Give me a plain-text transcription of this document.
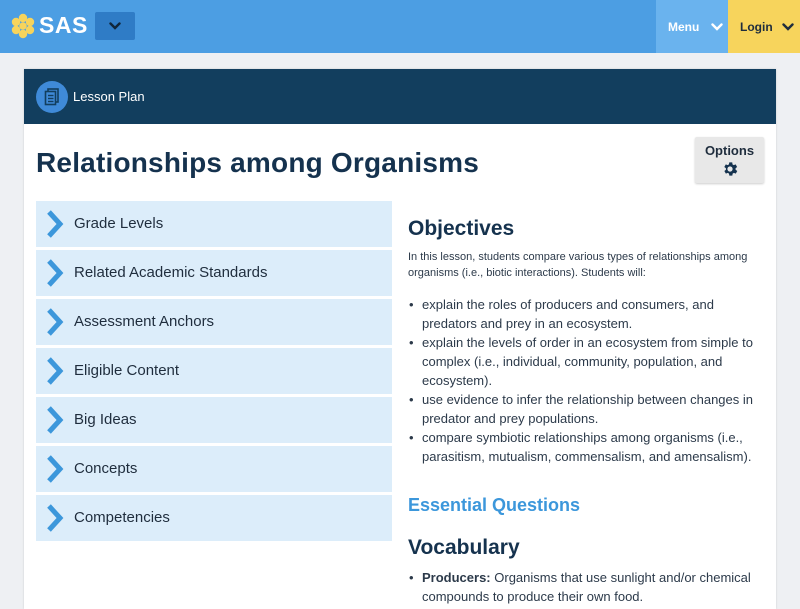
SAS	Menu	Login
Lesson Plan
Relationships among Organisms	Options
Grade Levels
Related Academic Standards
Assessment Anchors
Eligible Content
Big Ideas
Concepts
Competencies
Objectives

In this lesson, students compare various types of relationships among organisms (i.e., biotic interactions). Students will:

• explain the roles of producers and consumers, and predators and prey in an ecosystem.
• explain the levels of order in an ecosystem from simple to complex (i.e., individual, community, population, and ecosystem).
• use evidence to infer the relationship between changes in predator and prey populations.
• compare symbiotic relationships among organisms (i.e., parasitism, mutualism, commensalism, and amensalism).
Essential Questions
Vocabulary
• Producers: Organisms that use sunlight and/or chemical compounds to produce their own food.
